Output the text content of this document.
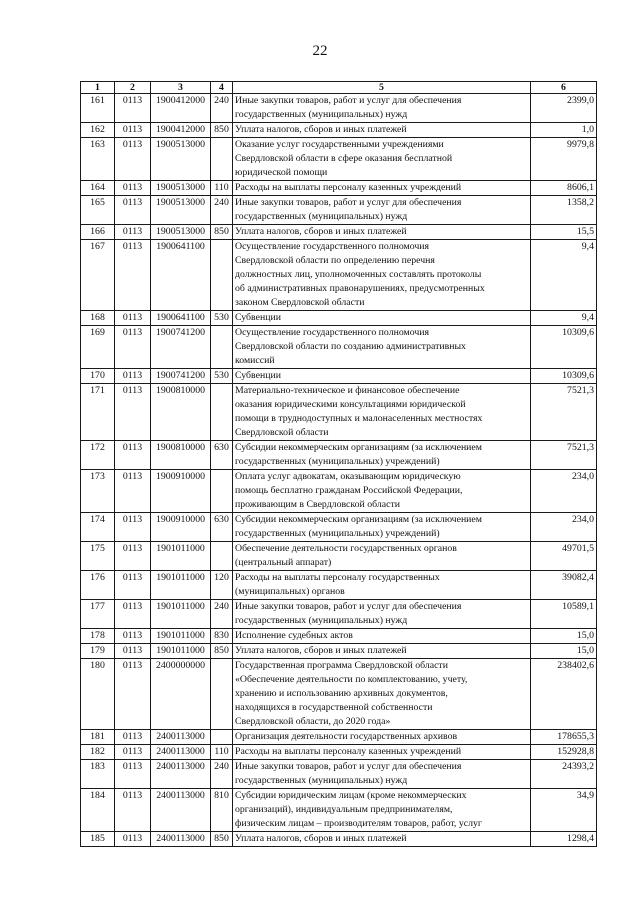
22
1	2	3	4	5	6
161	0113	1900412000	240	Иные закупки товаров, работ и услуг для обеспечения
государственных (муниципальных) нужд	2399,0
162	0113	1900412000	850	Уплата налогов, сборов и иных платежей	1,0
163	0113	1900513000		Оказание услуг государственными учреждениями
Свердловской области в сфере оказания бесплатной
юридической помощи	9979,8
164	0113	1900513000	110	Расходы на выплаты персоналу казенных учреждений	8606,1
165	0113	1900513000	240	Иные закупки товаров, работ и услуг для обеспечения
государственных (муниципальных) нужд	1358,2
166	0113	1900513000	850	Уплата налогов, сборов и иных платежей	15,5
167	0113	1900641100		Осуществление государственного полномочия
Свердловской области по определению перечня
должностных лиц, уполномоченных составлять протоколы
об административных правонарушениях, предусмотренных
законом Свердловской области	9,4
168	0113	1900641100	530	Субвенции	9,4
169	0113	1900741200		Осуществление государственного полномочия
Свердловской области по созданию административных
комиссий	10309,6
170	0113	1900741200	530	Субвенции	10309,6
171	0113	1900810000		Материально-техническое и финансовое обеспечение
оказания юридическими консультациями юридической
помощи в труднодоступных и малонаселенных местностях
Свердловской области	7521,3
172	0113	1900810000	630	Субсидии некоммерческим организациям (за исключением
государственных (муниципальных) учреждений)	7521,3
173	0113	1900910000		Оплата услуг адвокатам, оказывающим юридическую
помощь бесплатно гражданам Российской Федерации,
проживающим в Свердловской области	234,0
174	0113	1900910000	630	Субсидии некоммерческим организациям (за исключением
государственных (муниципальных) учреждений)	234,0
175	0113	1901011000		Обеспечение деятельности государственных органов
(центральный аппарат)	49701,5
176	0113	1901011000	120	Расходы на выплаты персоналу государственных
(муниципальных) органов	39082,4
177	0113	1901011000	240	Иные закупки товаров, работ и услуг для обеспечения
государственных (муниципальных) нужд	10589,1
178	0113	1901011000	830	Исполнение судебных актов	15,0
179	0113	1901011000	850	Уплата налогов, сборов и иных платежей	15,0
180	0113	2400000000		Государственная программа Свердловской области
«Обеспечение деятельности по комплектованию, учету,
хранению и использованию архивных документов,
находящихся в государственной собственности
Свердловской области, до 2020 года»	238402,6
181	0113	2400113000		Организация деятельности государственных архивов	178655,3
182	0113	2400113000	110	Расходы на выплаты персоналу казенных учреждений	152928,8
183	0113	2400113000	240	Иные закупки товаров, работ и услуг для обеспечения
государственных (муниципальных) нужд	24393,2
184	0113	2400113000	810	Субсидии юридическим лицам (кроме некоммерческих
организаций), индивидуальным предпринимателям,
физическим лицам – производителям товаров, работ, услуг	34,9
185	0113	2400113000	850	Уплата налогов, сборов и иных платежей	1298,4
